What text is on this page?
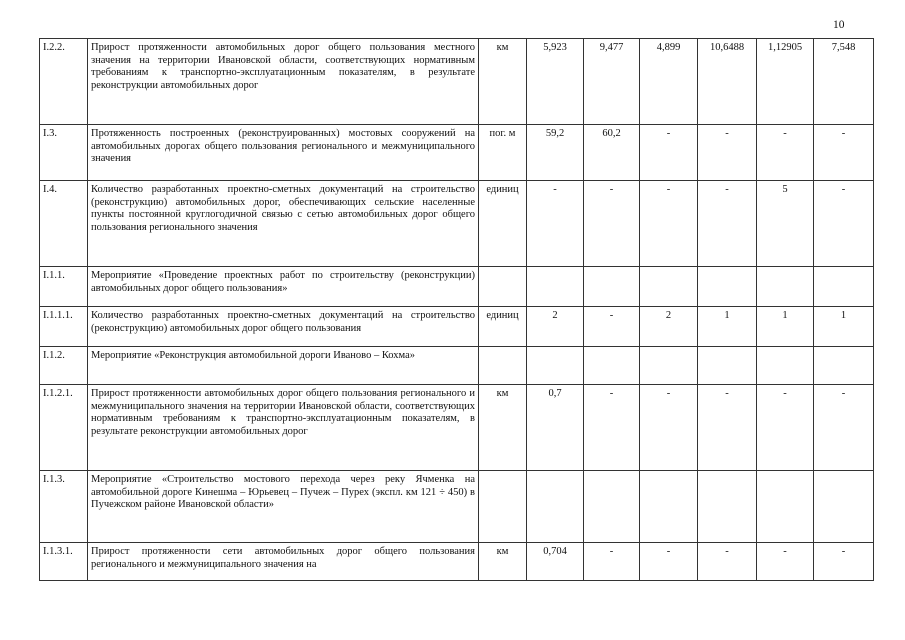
10
I.2.2.	Прирост протяженности автомобильных дорог общего пользования местного значения на территории Ивановской области, соответствующих нормативным требованиям к транспортно-эксплуатационным показателям, в результате реконструкции автомобильных дорог	км	5,923	9,477	4,899	10,6488	1,12905	7,548
I.3.	Протяженность построенных (реконструированных) мостовых сооружений на автомобильных дорогах общего пользования регионального и межмуниципального значения	пог. м	59,2	60,2	-	-	-	-
I.4.	Количество разработанных проектно-сметных документаций на строительство (реконструкцию) автомобильных дорог, обеспечивающих сельские населенные пункты постоянной круглогодичной связью с сетью автомобильных дорог общего пользования регионального значения	единиц	-	-	-	-	5	-
I.1.1.	Мероприятие «Проведение проектных работ по строительству (реконструкции) автомобильных дорог общего пользования»							
I.1.1.1.	Количество разработанных проектно-сметных документаций на строительство (реконструкцию) автомобильных дорог общего пользования	единиц	2	-	2	1	1	1
I.1.2.	Мероприятие «Реконструкция автомобильной дороги Иваново – Кохма»							
I.1.2.1.	Прирост протяженности автомобильных дорог общего пользования регионального и межмуниципального значения на территории Ивановской области, соответствующих нормативным требованиям к транспортно-эксплуатационным показателям, в результате реконструкции автомобильных дорог	км	0,7	-	-	-	-	-
I.1.3.	Мероприятие «Строительство мостового перехода через реку Ячменка на автомобильной дороге Кинешма – Юрьевец – Пучеж – Пурех (экспл. км 121 ÷ 450) в Пучежском районе Ивановской области»							
I.1.3.1.	Прирост протяженности сети автомобильных дорог общего пользования регионального и межмуниципального значения на	км	0,704	-	-	-	-	-
